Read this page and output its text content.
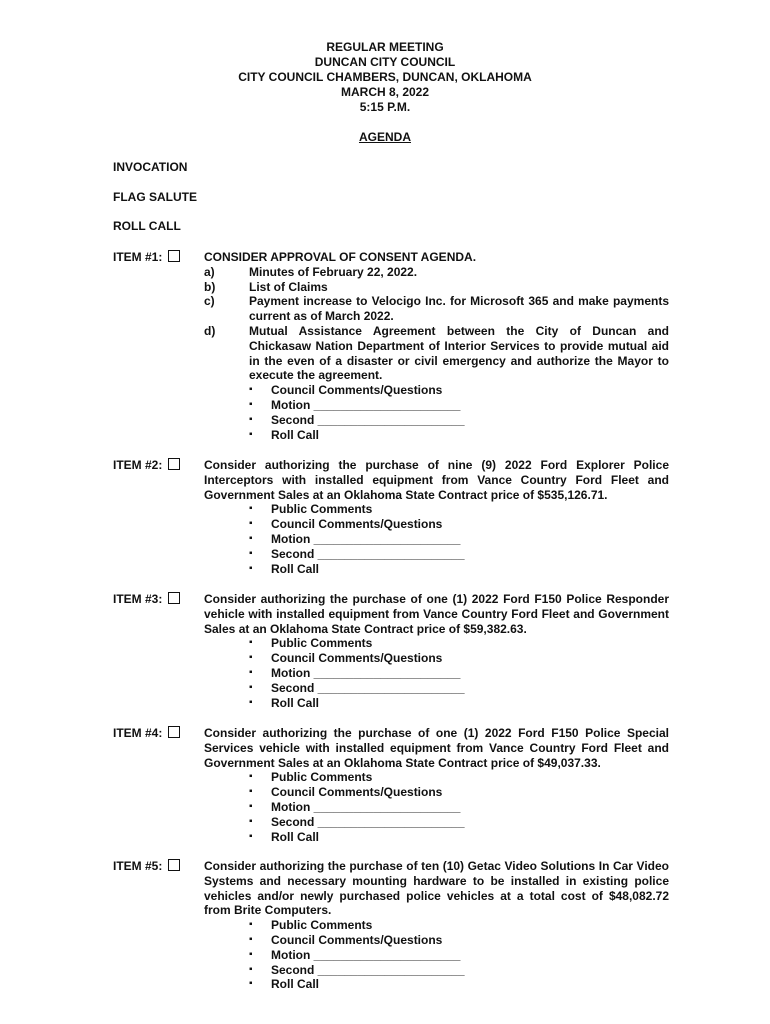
REGULAR MEETING
DUNCAN CITY COUNCIL
CITY COUNCIL CHAMBERS, DUNCAN, OKLAHOMA
MARCH 8, 2022
5:15 P.M.
AGENDA
INVOCATION
FLAG SALUTE
ROLL CALL
ITEM #1:	CONSIDER APPROVAL OF CONSENT AGENDA.
a)	Minutes of February 22, 2022.
b)	List of Claims
c)	Payment increase to Velocigo Inc. for Microsoft 365 and make payments current as of March 2022.
d)	Mutual Assistance Agreement between the City of Duncan and Chickasaw Nation Department of Interior Services to provide mutual aid in the even of a disaster or civil emergency and authorize the Mayor to execute the agreement.
▪ Council Comments/Questions
▪ Motion ______________________
▪ Second ______________________
▪ Roll Call
ITEM #2:	Consider authorizing the purchase of nine (9) 2022 Ford Explorer Police Interceptors with installed equipment from Vance Country Ford Fleet and Government Sales at an Oklahoma State Contract price of $535,126.71.
▪ Public Comments
▪ Council Comments/Questions
▪ Motion ______________________
▪ Second ______________________
▪ Roll Call
ITEM #3:	Consider authorizing the purchase of one (1) 2022 Ford F150 Police Responder vehicle with installed equipment from Vance Country Ford Fleet and Government Sales at an Oklahoma State Contract price of $59,382.63.
▪ Public Comments
▪ Council Comments/Questions
▪ Motion ______________________
▪ Second ______________________
▪ Roll Call
ITEM #4:	Consider authorizing the purchase of one (1) 2022 Ford F150 Police Special Services vehicle with installed equipment from Vance Country Ford Fleet and Government Sales at an Oklahoma State Contract price of $49,037.33.
▪ Public Comments
▪ Council Comments/Questions
▪ Motion ______________________
▪ Second ______________________
▪ Roll Call
ITEM #5:	Consider authorizing the purchase of ten (10) Getac Video Solutions In Car Video Systems and necessary mounting hardware to be installed in existing police vehicles and/or newly purchased police vehicles at a total cost of $48,082.72 from Brite Computers.
▪ Public Comments
▪ Council Comments/Questions
▪ Motion ______________________
▪ Second ______________________
▪ Roll Call
